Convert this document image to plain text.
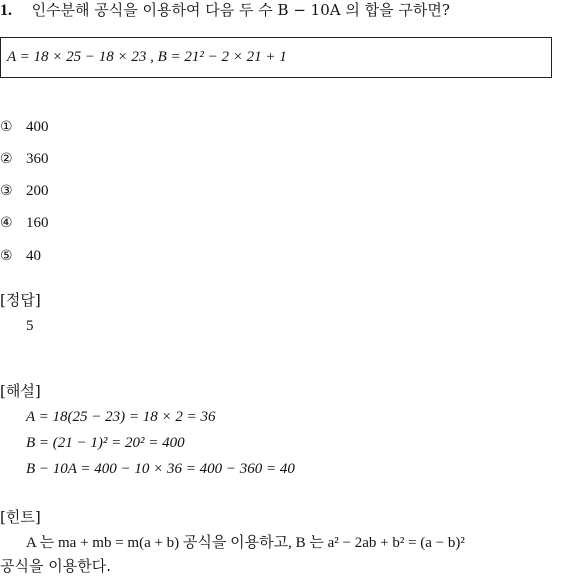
1. 인수분해 공식을 이용하여 다음 두 수 B − 10A 의 합을 구하면?
A = 18 × 25 − 18 × 23 , B = 21² − 2 × 21 + 1
① 400
② 360
③ 200
④ 160
⑤ 40
[정답]
5
[해설]
A = 18(25 − 23) = 18 × 2 = 36
B = (21 − 1)² = 20² = 400
B − 10A = 400 − 10 × 36 = 400 − 360 = 40
[힌트]
A 는 ma + mb = m(a + b) 공식을 이용하고, B 는 a² − 2ab + b² = (a − b)²
공식을 이용한다.
